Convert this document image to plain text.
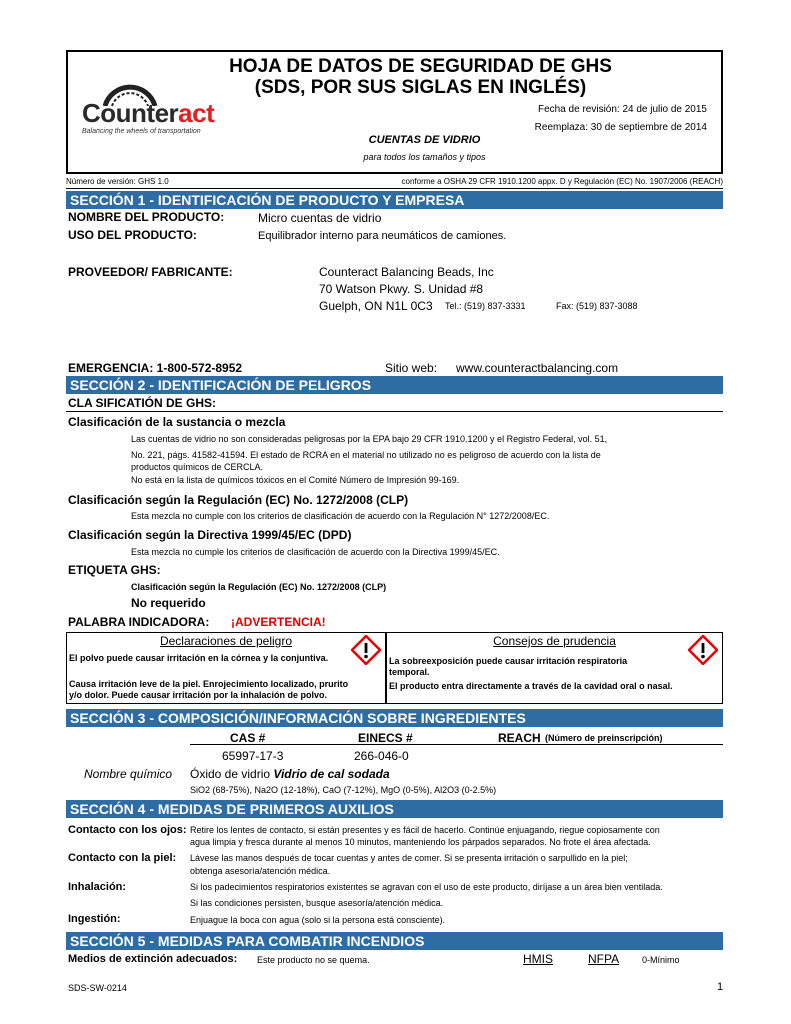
HOJA DE DATOS DE SEGURIDAD DE GHS
(SDS, POR SUS SIGLAS EN INGLÉS)
Counteract
Balancing the wheels of transportation
Fecha de revisión: 24 de julio de 2015
Reemplaza: 30 de septiembre de 2014
CUENTAS DE VIDRIO
para todos los tamaños y tipos
Número de versión: GHS 1.0	conforme a OSHA 29 CFR 1910.1200 appx. D y Regulación (EC) No. 1907/2006 (REACH)
SECCIÓN 1 - IDENTIFICACIÓN DE PRODUCTO Y EMPRESA
NOMBRE DEL PRODUCTO:	Micro cuentas de vidrio
USO DEL PRODUCTO:	Equilibrador interno para neumáticos de camiones.
PROVEEDOR/ FABRICANTE:	Counteract Balancing Beads, Inc
70 Watson Pkwy. S. Unidad #8
Guelph, ON N1L 0C3 Tel.: (519) 837-3331	Fax: (519) 837-3088
EMERGENCIA: 1-800-572-8952	Sitio web: www.counteractbalancing.com
SECCIÓN 2 - IDENTIFICACIÓN DE PELIGROS
CLA SIFICATIÓN DE GHS:
Clasificación de la sustancia o mezcla
Las cuentas de vidrio no son consideradas peligrosas por la EPA bajo 29 CFR 1910.1200 y el Registro Federal, vol. 51,
No. 221, págs. 41582-41594. El estado de RCRA en el material no utilizado no es peligroso de acuerdo con la lista de
productos químicos de CERCLA.
No está en la lista de químicos tóxicos en el Comité Número de Impresión 99-169.
Clasificación según la Regulación (EC) No. 1272/2008 (CLP)
Esta mezcla no cumple con los criterios de clasificación de acuerdo con la Regulación N° 1272/2008/EC.
Clasificación según la Directiva 1999/45/EC (DPD)
Esta mezcla no cumple los criterios de clasificación de acuerdo con la Directiva 1999/45/EC.
ETIQUETA GHS:
Clasificación según la Regulación (EC) No. 1272/2008 (CLP)
No requerido
PALABRA INDICADORA: ¡ADVERTENCIA!
Declaraciones de peligro
El polvo puede causar irritación en la córnea y la conjuntiva.
Causa irritación leve de la piel. Enrojecimiento localizado, prurito
y/o dolor. Puede causar irritación por la inhalación de polvo.
Consejos de prudencia
La sobreexposición puede causar irritación respiratoria
temporal.
El producto entra directamente a través de la cavidad oral o nasal.
SECCIÓN 3 - COMPOSICIÓN/INFORMACIÓN SOBRE INGREDIENTES
CAS #	EINECS #	REACH (Número de preinscripción)
65997-17-3	266-046-0
Nombre químico Óxido de vidrio Vidrio de cal sodada
SiO2 (68-75%), Na2O (12-18%), CaO (7-12%), MgO (0-5%), Al2O3 (0-2.5%)
SECCIÓN 4 - MEDIDAS DE PRIMEROS AUXILIOS
Contacto con los ojos: Retire los lentes de contacto, si están presentes y es fácil de hacerlo. Continúe enjuagando, riegue copiosamente con
agua limpia y fresca durante al menos 10 minutos, manteniendo los párpados separados. No frote el área afectada.
Contacto con la piel: Lávese las manos después de tocar cuentas y antes de comer. Si se presenta irritación o sarpullido en la piel;
obtenga asesoría/atención médica.
Inhalación:	Si los padecimientos respiratorios existentes se agravan con el uso de este producto, diríjase a un área bien ventilada.
Si las condiciones persisten, busque asesoría/atención médica.
Ingestión:	Enjuague la boca con agua (solo si la persona está consciente).
SECCIÓN 5 - MEDIDAS PARA COMBATIR INCENDIOS
Medios de extinción adecuados: Este producto no se quema.	HMIS	NFPA	0-Mínimo
SDS-SW-0214	1
